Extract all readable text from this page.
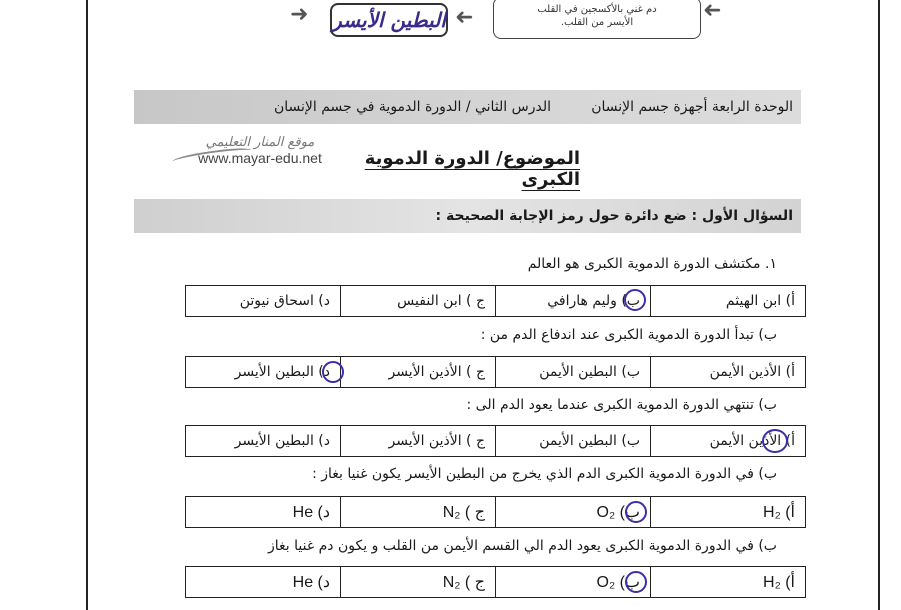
➜ البطين الأيسر ➜	دم غني بالأكسجين في القلب
الأيسر من القلب.	➜
الوحدة الرابعة أجهزة جسم الإنسان
الدرس الثاني / الدورة الدموية في جسم الإنسان
موقع المنار التعليمي
www.mayar-edu.net	الموضوع/ الدورة الدموية الكبرى
السؤال الأول : ضع دائرة حول رمز الإجابة الصحيحة :
١. مكتشف الدورة الدموية الكبرى هو العالم
أ) ابن الهيثم
ب) وليم هارافي
ج ) ابن النفيس
د) اسحاق نيوتن
ب) تبدأ الدورة الدموية الكبرى عند اندفاع الدم من :
أ) الأذين الأيمن
ب) البطين الأيمن
ج ) الأذين الأيسر
د) البطين الأيسر
ب) تنتهي الدورة الدموية الكبرى عندما يعود الدم الى :
أ) الأذين الأيمن
ب) البطين الأيمن
ج ) الأذين الأيسر
د) البطين الأيسر
ب) في الدورة الدموية الكبرى الدم الذي يخرج من البطين الأيسر يكون غنيا بغاز :
أ) H₂
ب) O₂
ج ) N₂
د) He
ب) في الدورة الدموية الكبرى يعود الدم الي القسم الأيمن من القلب و يكون دم غنيا بغاز
أ) H₂
ب) O₂
ج ) N₂
د) He
